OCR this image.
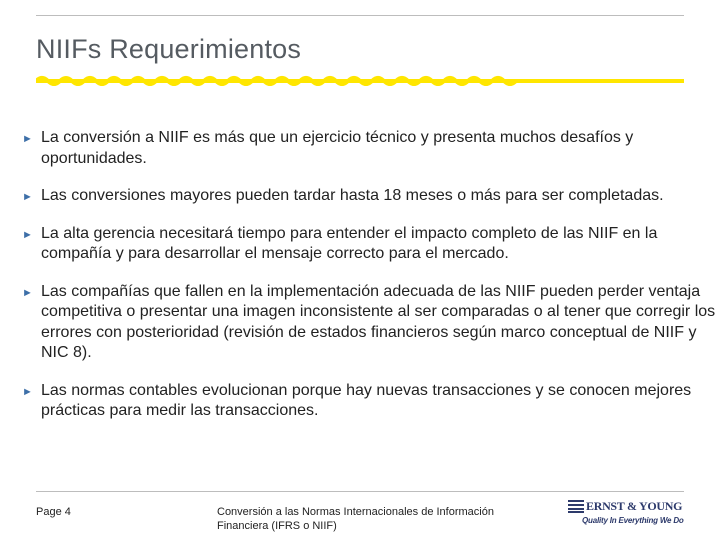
NIIFs Requerimientos
► La conversión a NIIF es más que un ejercicio técnico y presenta muchos desafíos y oportunidades.
► Las conversiones mayores pueden tardar hasta 18 meses o más para ser completadas.
► La alta gerencia necesitará tiempo para entender el impacto completo de las NIIF en la compañía y para desarrollar el mensaje correcto para el mercado.
► Las compañías que fallen en la implementación adecuada de las NIIF pueden perder ventaja competitiva o presentar una imagen inconsistente al ser comparadas o al tener que corregir los errores con posterioridad (revisión de estados financieros según marco conceptual de NIIF y NIC 8).
► Las normas contables evolucionan porque hay nuevas transacciones y se conocen mejores prácticas para medir las transacciones.
Page 4	Conversión a las Normas Internacionales de Información Financiera (IFRS o NIIF)
ERNST & YOUNG
Quality In Everything We Do
